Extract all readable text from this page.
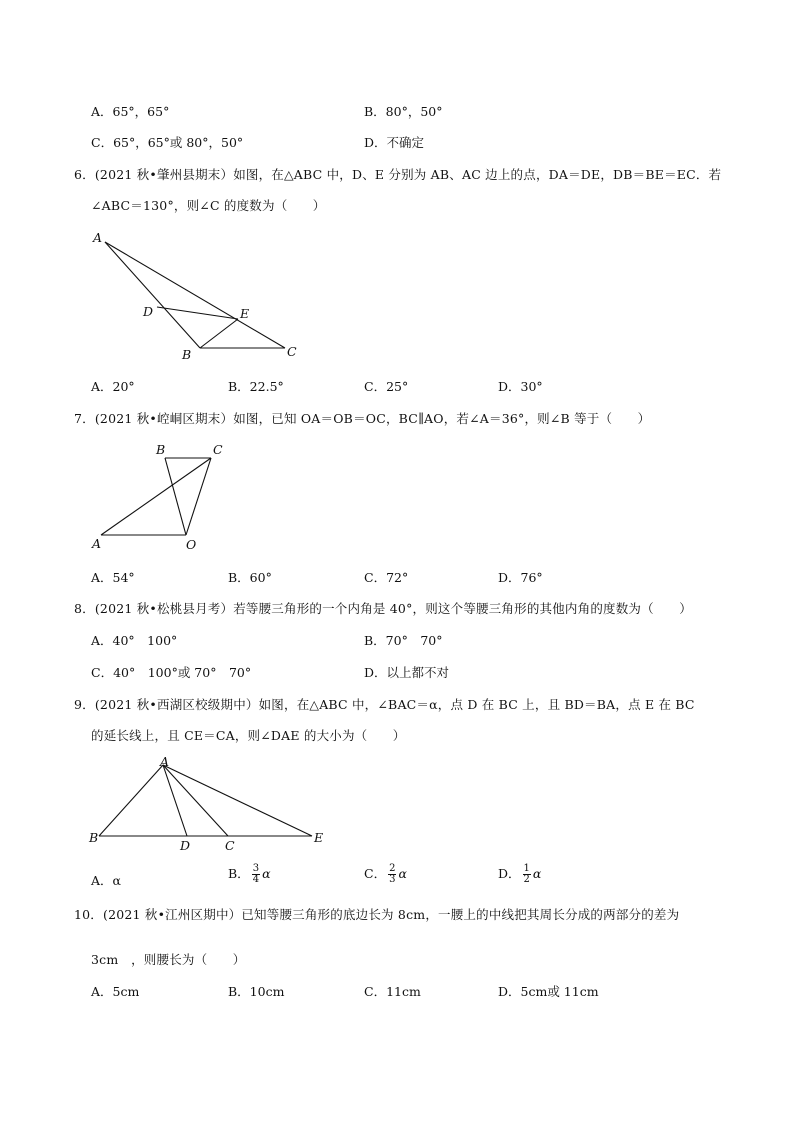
A．65°，65°	B．80°，50°
C．65°，65°或 80°，50°	D．不确定
6．(2021 秋•肇州县期末）如图，在△ABC 中，D、E 分别为 AB、AC 边上的点，DA＝DE，DB＝BE＝EC．若
∠ABC＝130°，则∠C 的度数为（　　）
A
D	E
B	C
A．20°	B．22.5°	C．25°	D．30°
7．(2021 秋•崆峒区期末）如图，已知 OA＝OB＝OC，BC∥AO，若∠A＝36°，则∠B 等于（　　）
B	C
A	O
A．54°	B．60°	C．72°	D．76°
8．(2021 秋•松桃县月考）若等腰三角形的一个内角是 40°，则这个等腰三角形的其他内角的度数为（　　）
A．40°　100°	B．70°　70°
C．40°　100°或 70°　70°	D．以上都不对
9．(2021 秋•西湖区校级期中）如图，在△ABC 中，∠BAC＝α，点 D 在 BC 上，且 BD＝BA，点 E 在 BC
的延长线上，且 CE＝CA，则∠DAE 的大小为（　　）
A
B
D	C
E
A．α	B． $\frac{3}{4}$ α	C． $\frac{2}{3}$ α	D． $\frac{1}{2}$ α
10．(2021 秋•江州区期中）已知等腰三角形的底边长为 8cm，一腰上的中线把其周长分成的两部分的差为
3cm　，则腰长为（　　）
A．5cm	B．10cm	C．11cm	D．5cm或 11cm
